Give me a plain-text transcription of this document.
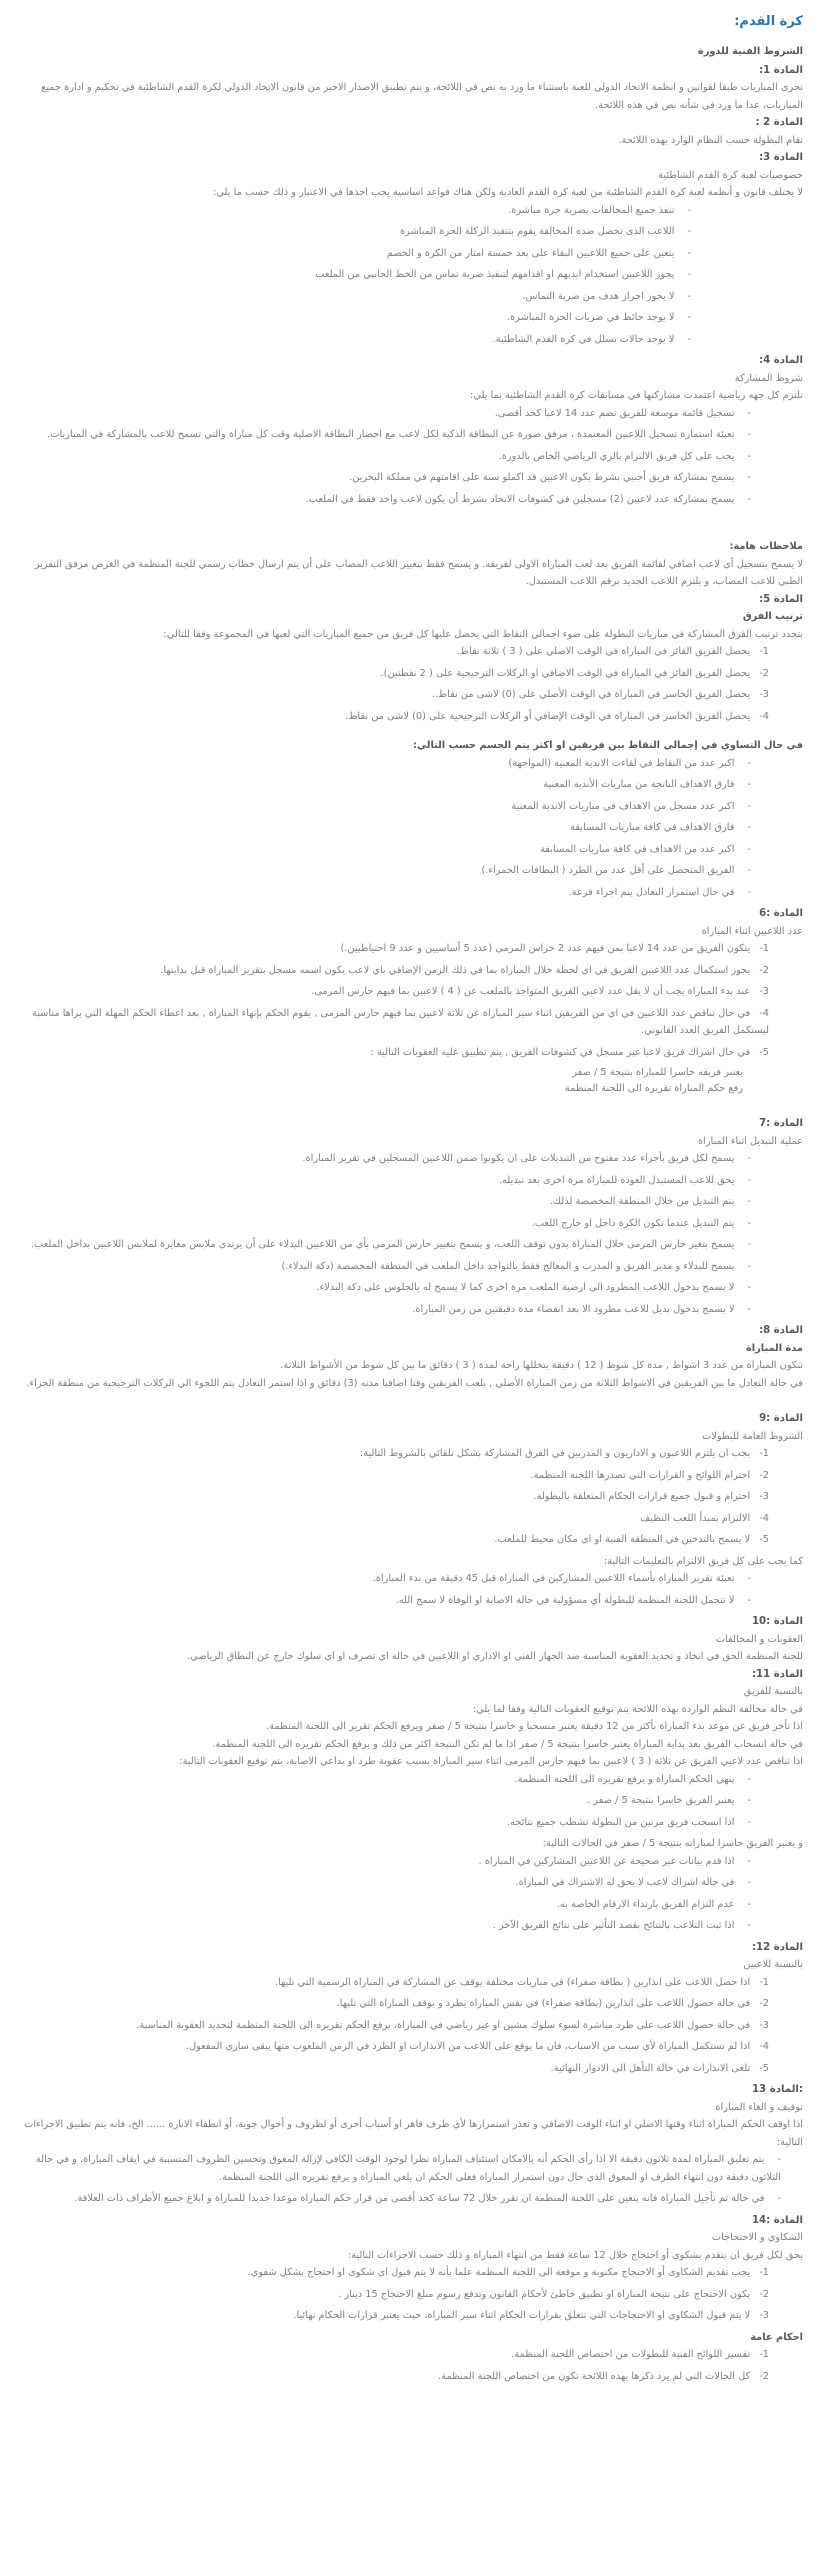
كرة القدم:
الشروط الفنية للدورة
المادة 1:
تجرى المباريات طبقا لقوانين و انظمة الاتحاد الدولي للعبة باستثناء ما ورد به نص في اللائحة، و يتم تطبيق الاصدار الاخير من قانون الاتحاد الدولي لكرة القدم الشاطئية في تحكيم و ادارة جميع المباريات، عدا ما ورد في شأنه نص في هذه اللائحة.
المادة 2 :
تقام البطولة حسب النظام الوارد بهذه اللائحة.
المادة 3:
خصوصيات لعبة كرة القدم الشاطئية
لا يختلف قانون و أنظمة لعبة كرة القدم الشاطئية من لعبة كرة القدم العادية ولكن هناك قواعد اساسية يجب اخذها في الاعتبار و ذلك حسب ما يلي:
-تنفذ جميع المخالفات بضربة حرة مباشرة.
-اللاعب الذى تحصل ضده المخالفة يقوم بتنفيذ الركلة الحرة المباشرة
-يتعين على جميع اللاعبين البقاء على بعد خمسة امتار من الكرة و الخصم
-يجوز اللاعبين استخدام ايديهم او اقدامهم لتنفيذ ضربة تماس من الخط الجانبي من الملعب
-لا يجوز احراز هدف من ضربة التماس.
-لا يوجد حائط في ضربات الحرة المباشرة.
-لا يوجد حالات تسلل في كرة القدم الشاطئية.
المادة 4:
شروط المشاركة
تلتزم كل جهه رياضية اعتمدت مشاركتها في مسابقات كرة القدم الشاطئية بما يلي:
-تسجيل قائمة موسعة للفريق تضم عدد 14 لاعبا كحد أقصى.
-تعبئة استمارة تسجيل اللاعبين المعتمدة ، مرفق صورة عن البطاقة الذكية لكل لاعب مع احضار البطاقة الاصلية وقت كل مباراة والتي تسمح للاعب بالمشاركة في المباريات.
-يجب على كل فريق الالتزام بالزي الرياضي الخاص بالدورة.
-يسمح بمشاركة فريق أجنبي بشرط يكون الاعبين قد اكملو سنة على اقامتهم في مملكة البحرين.
-يسمح بمشاركة عدد لاعبين (2) مسجلين في كشوفات الاتحاد بشرط أن يكون لاعب واحد فقط في الملعب.
ملاحظات هامة:
لا يسمح بتسجيل أي لاعب اضافي لقائمة الفريق بعد لعب المباراة الاولى لفريقه. و يسمح فقط بتغيير اللاعب المصاب على أن يتم ارسال خطاب رسمي للجنة المنظمة في الغرض مرفق التقرير الطبي للاعب المصاب، و يلتزم اللاعب الجديد برقم اللاعب المستبدل.
المادة 5:
ترتيب الفرق
يتحدد ترتيب الفرق المشاركة في مباريات البطولة على ضوء اجمالي النقاط التي يحصل عليها كل فريق من جميع المباريات التي لعبها في المجموعة وفقا للتالي:
1-يحصل الفريق الفائز في المباراة في الوقت الاصلي على ( 3 ) ثلاثة نقاط.
2-يحصل الفريق الفائز في المباراة في الوقت الاضافي او الركلات الترجيحية على ( 2 نقطتين).
3-يحصل الفريق الخاسر في المباراة في الوقت الأصلي على (0) لاشى من نقاط..
4-يحصل الفريق الخاسر في المباراة في الوقت الإضافي أو الركلات الترجيحية على (0) لاشى من نقاط.
في حال التساوي في إجمالي النقاط بين فريقين او اكثر يتم الحسم حسب التالي:
-اكبر عدد من النقاط في لقاءت الاندية المعنية (المواجهة)
-فارق الاهداف الناتجة من مباريات الأندية المعنية
-اكبر عدد مسجل من الاهداف في مباريات الاندية المعنية
-فارق الاهداف في كافة مباريات المسابقة
-اكبر عدد من الاهداف في كافة مباريات المسابقة
-الفريق المتحصل على أقل عدد من الطرد ( البطاقات الحمراء.)
-في حال استمرار التعادل يتم اجراء قرعة.
المادة :6
عدد اللاعبين اثناء المباراة
1-يتكون الفريق من عدد 14 لاعبا بمن فيهم عدد 2 حراس المرمى (عدد 5 أساسيين و عدد 9 احتياطيين.)
2-يجوز استكمال عدد اللاعبين الفريق في اي لحظة خلال المباراة بما في ذلك الزمن الإضافي باي لاعب يكون اسمه مسجل بتقرير المباراة قبل بدايتها.
3-عند بدء المباراة يجب أن لا يقل عدد لاعبي الفريق المتواجد بالملعب عن ( 4 ) لاعبين بما فيهم حارس المرمى.
4-في حال تناقص عدد اللاعبين في اي من الفريقين اثناء سير المباراة عن ثلاثة لاعبين بما فيهم حارس المرمى , يقوم الحكم بإنهاء المباراة , بعد اعطاء الحكم المهلة التي يراها مناسبة ليستكمل الفريق العدد القانوني.
5-في حال اشراك فريق لاعبا غير مسجل في كشوفات الفريق , يتم تطبيق عليه العقوبات التالية :
يعتبر فريقه خاسرا للمباراة بنتيجة 5 / صفر
رفع حكم المباراة تقريره الى اللجنة المنظمة
المادة :7
عملية التبديل اثناء المباراة
-يسمح لكل فريق بأجراء عدد مفتوح من التبديلات على ان يكونوا ضمن اللاعبين المسجلين في تقرير المباراة.
-يحق للاعب المستبدل العودة للمباراة مرة اخرى بعد تبديله.
-يتم التبديل من خلال المنطقة المخصصة لذلك.
-يتم التبديل عندما تكون الكرة داخل او خارج اللعب.
-يسمح بتغير حارس المرمى خلال المباراة بدون توقف اللعب، و يسمح بتغيير حارس المرمى بأي من اللاعبين البدلاء على أن يرتدي ملابس مغايرة لملابس اللاعبين بداخل الملعب.
-يسمح للبدلاء و مدير الفريق و المدرب و المعالج فقط بالتواجد داخل الملعب في المنطقة المخصصة (دكة البدلاء.)
-لا يسمح بدخول اللاعب المطرود الى ارضية الملعب مرة اخرى كما لا يسمح له بالجلوس على دكة البدلاء.
-لا يسمح بدخول بديل للاعب مطرود الا بعد انقضاء مدة دقيقتين من زمن المباراة.
المادة 8:
مدة المباراة
تتكون المباراة من عدد 3 اشواط , مدة كل شوط ( 12 ) دقيقة يتخللها راحة لمدة ( 3 ) دقائق ما بين كل شوط من الأشواط الثلاثة.
في حالة التعادل ما بين الفريقين في الاشواط الثلاثة من زمن المباراة الأصلي , يلعب الفريقين وقتا اضافيا مدته (3) دقائق و اذا استمر التعادل يتم اللجوء الي الركلات الترجيحية من منطقة الجزاء.
المادة :9
الشروط العامة للبطولات
1-يجب ان يلتزم اللاعبون و الاداريون و المدربين في الفرق المشاركة بشكل تلقائي بالشروط التالية:
2-احترام اللوائح و القرارات التي تصدرها اللجنة المنظمة.
3-احترام و قبول جميع قرارات الحكام المتعلقة بالبطولة.
4-الالتزام بمبدأ اللعب النظيف
5-لا يسمح بالتدخين في المنطقة الفنية او اي مكان محيط للملعب.
كما يجب على كل فريق الالتزام بالتعليمات التالية:
-تعبئة تقرير المباراة بأسماء اللاعبين المشاركين في المباراة قبل 45 دقيقة من بدء المباراة.
-لا تتحمل اللجنة المنظمة للبطولة أي مسؤولية في حالة الاصابة او الوفاة لا سمح الله.
المادة :10
العقوبات و المخالفات
للجنة المنظمة الحق في اتخاذ و تحديد العقوبة المناسبة ضد الجهاز الفني او الاداري او اللاعبين في حالة اي تصرف او اي سلوك خارج عن النطاق الرياضي.
المادة 11:
بالنسبة للفريق
في حالة مخالفة النظم الواردة بهذه اللائحة يتم توقيع العقوبات التالية وفقا لما يلي:
اذا تأخر فريق عن موعد بدء المباراة بأكثر من 12 دقيقة يعتبر منسحبا و خاسرا بنتيجة 5 / صفر ويرفع الحكم تقرير الى اللجنة المنظمة.
في حالة انسحاب الفريق بعد بداية المباراة يعتبر خاسرا بنتيجة 5 / صفر اذا ما لم تكن النتيجة اكثر من ذلك و يرفع الحكم تقريره الى اللجنة المنظمة.
اذا تناقص عدد لاعبي الفريق عن ثلاثة ( 3 ) لاعبين بما فيهم حارس المرمى اثناء سير المباراة بسبب عقوبة طرد او بداعي الاصابة، يتم توقيع العقوبات التالية:
-ينهي الحكم المباراة و يرفع تقريره الى اللجنة المنظمة.
-يعتبر الفريق خاسرا بنتيجة 5 / صفر .
-اذا انسحب فريق مرتين من البطولة تشطب جميع نتائجه.
و يعتبر الفريق خاسرا لمباراته بنتيجة 5 / صفر في الحالات التالية:
-اذا قدم بيانات غير صحيحة عن اللاعبين المشاركين في المباراة .
-في حالة اشراك لاعب لا يحق له الاشتراك في المباراة.
-عدم التزام الفريق بارتداء الارقام الخاصة به.
-اذا ثبت التلاعب بالنتائج بقصد التأثير على نتائج الفريق الآخر .
المادة 12:
بالنسبة للاعبين
1-اذا حصل اللاعب على انذارين ( بطاقة صفراء) في مباريات مختلفة يوقف عن المشاركة في المباراة الرسمية التي تليها.
2-في حالة حصول اللاعب على انذارين (بطاقة صفراء) في نفس المباراة يطرد و يوقف المباراة التي تليها.
3-في حالة حصول اللاعب على طرد مباشرة لسوء سلوك مشين او غير رياضي في المباراة، يرفع الحكم تقريره الى اللجنة المنظمة لتحديد العقوبة المناسبة.
4-اذا لم تستكمل المباراة لأي سبب من الاسباب، فان ما يوقع على اللاعب من الانذارات او الطرد في الزمن الملعوب منها يبقى ساري المفعول.
5-تلغى الانذارات في حالة التأهل الى الادوار النهائية.
:المادة 13
توقيف و الغاء المباراة
اذا اوقف الحكم المباراة اثناء وقتها الاصلي او اثناء الوقت الاضافي و تعذر استمرارها لأي ظرف قاهر او أسباب أخرى أو لظروف و أحوال جوية، أو انطفاء الانارة ...... الخ، فانه يتم تطبيق الاجراءات التالية:
-يتم تعليق المباراة لمدة ثلاثون دقيقة الا اذا رأى الحكم أنه بالامكان استئناف المباراة نظرا لوجود الوقت الكافي لإزالة المعوق وتحسين الظروف المتسببة في ايقاف المباراة. و في حالة الثلاثون دقيقة دون انتهاء الظرف او المعوق الذي حال دون استمرار المباراة فعلى الحكم ان يلغي المباراة و يرفع تقريره الى اللجنة المنظمة.
-في حالة تم تأجيل المباراة فانه يتعين على اللجنة المنظمة ان تقرر خلال 72 ساعة كحد أقصى من قرار حكم المباراة موعدا جديدا للمباراة و ابلاغ جميع الأطراف ذات العلاقة.
المادة :14
الشكاوي و الاحتجاجات
يحق لكل فريق ان يتقدم بشكوى أو احتجاج خلال 12 ساعة فقط من انتهاء المباراة و ذلك حسب الاجراءات التالية:
1-يجب تقديم الشكاوى أو الاحتجاج مكتوبة و موقعة الى اللجنة المنظمة علما بأنه لا يتم قبول اي شكوى او احتجاج بشكل شفوي.
2-يكون الاحتجاج على نتيجة المباراة او تطبيق خاطئ لأحكام القانون وتدفع رسوم مبلغ الاحتجاج 15 دينار .
3-لا يتم قبول الشكاوي او الاحتجاجات التي تتعلق بقرارات الحكام اثناء سير المباراة، حيث يعتبر قرارات الحكام نهائيا.
احكام عامة
1-تفسير اللوائح الفنية للبطولات من اختصاص اللجنة المنظمة.
2-كل الحالات التي لم يرد ذكرها بهذه اللائحة تكون من اختصاص اللجنة المنظمة.
